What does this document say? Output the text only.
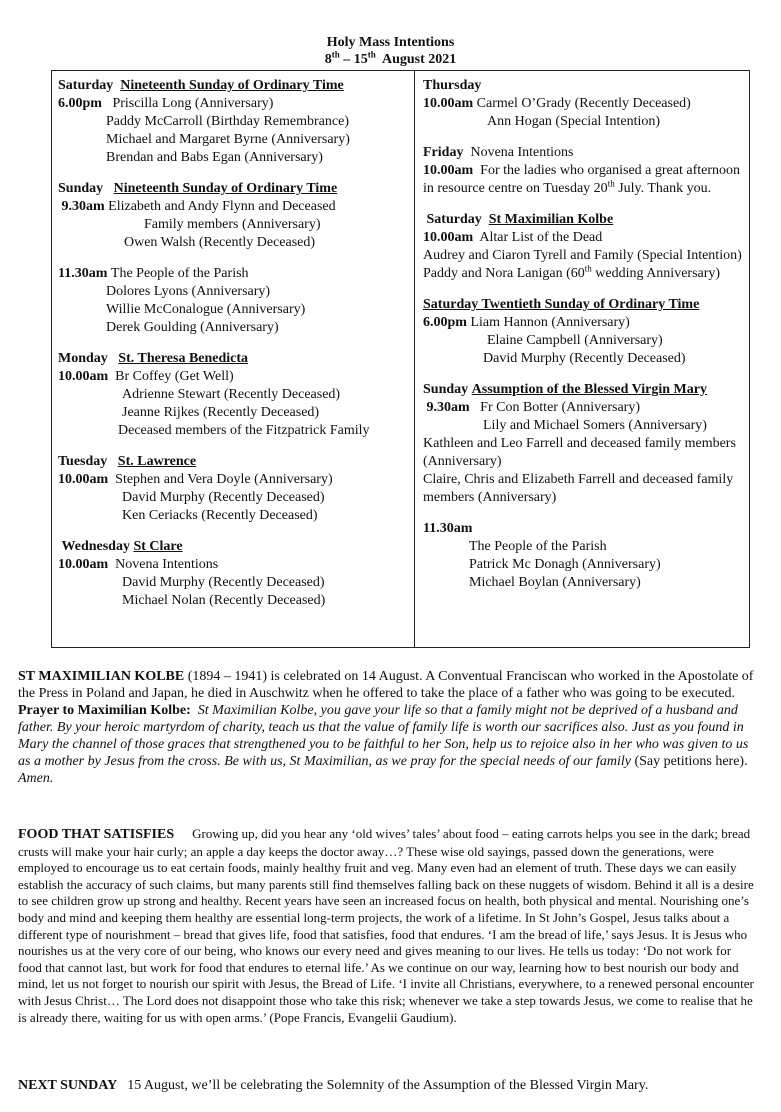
Holy Mass Intentions
8th – 15th  August 2021
Saturday Nineteenth Sunday of Ordinary Time
6.00pm Priscilla Long (Anniversary)
Paddy McCarroll (Birthday Remembrance)
Michael and Margaret Byrne (Anniversary)
Brendan and Babs Egan (Anniversary)
Sunday Nineteenth Sunday of Ordinary Time
9.30am Elizabeth and Andy Flynn and Deceased
Family members (Anniversary)
Owen Walsh (Recently Deceased)
11.30am The People of the Parish
Dolores Lyons (Anniversary)
Willie McConalogue (Anniversary)
Derek Goulding (Anniversary)
Monday St. Theresa Benedicta
10.00am Br Coffey (Get Well)
Adrienne Stewart (Recently Deceased)
Jeanne Rijkes (Recently Deceased)
Deceased members of the Fitzpatrick Family
Tuesday St. Lawrence
10.00am Stephen and Vera Doyle (Anniversary)
David Murphy (Recently Deceased)
Ken Ceriacks (Recently Deceased)
Wednesday St Clare
10.00am Novena Intentions
David Murphy (Recently Deceased)
Michael Nolan (Recently Deceased)
Thursday
10.00am Carmel O’Grady (Recently Deceased)
Ann Hogan (Special Intention)
Friday Novena Intentions
10.00am For the ladies who organised a great afternoon in resource centre on Tuesday 20th July. Thank you.
Saturday St Maximilian Kolbe
10.00am Altar List of the Dead
Audrey and Ciaron Tyrell and Family (Special Intention)
Paddy and Nora Lanigan (60th wedding Anniversary)
Saturday Twentieth Sunday of Ordinary Time
6.00pm Liam Hannon (Anniversary)
Elaine Campbell (Anniversary)
David Murphy (Recently Deceased)
Sunday Assumption of the Blessed Virgin Mary
9.30am Fr Con Botter (Anniversary)
Lily and Michael Somers (Anniversary)
Kathleen and Leo Farrell and deceased family members (Anniversary)
Claire, Chris and Elizabeth Farrell and deceased family members (Anniversary)
11.30am
The People of the Parish
Patrick Mc Donagh (Anniversary)
Michael Boylan (Anniversary)

ST MAXIMILIAN KOLBE (1894 – 1941) is celebrated on 14 August. A Conventual Franciscan who worked in the Apostolate of the Press in Poland and Japan, he died in Auschwitz when he offered to take the place of a father who was going to be executed.

Prayer to Maximilian Kolbe: St Maximilian Kolbe, you gave your life so that a family might not be deprived of a husband and father. By your heroic martyrdom of charity, teach us that the value of family life is worth our sacrifices also. Just as you found in Mary the channel of those graces that strengthened you to be faithful to her Son, help us to rejoice also in her who was given to us as a mother by Jesus from the cross. Be with us, St Maximilian, as we pray for the special needs of our family (Say petitions here).  Amen.

FOOD THAT SATISFIES Growing up, did you hear any ‘old wives’ tales’ about food – eating carrots helps you see in the dark; bread crusts will make your hair curly; an apple a day keeps the doctor away…? These wise old sayings, passed down the generations, were employed to encourage us to eat certain foods, mainly healthy fruit and veg. Many even had an element of truth. These days we can easily establish the accuracy of such claims, but many parents still find themselves falling back on these nuggets of wisdom. Behind it all is a desire to see children grow up strong and healthy. Recent years have seen an increased focus on health, both physical and mental. Nourishing one’s body and mind and keeping them healthy are essential long-term projects, the work of a lifetime. In St John’s Gospel, Jesus talks about a different type of nourishment – bread that gives life, food that satisfies, food that endures. ‘I am the bread of life,’ says Jesus. It is Jesus who nourishes us at the very core of our being, who knows our every need and gives meaning to our lives. He tells us today: ‘Do not work for food that cannot last, but work for food that endures to eternal life.’ As we continue on our way, learning how to best nourish our body and mind, let us not forget to nourish our spirit with Jesus, the Bread of Life. ‘I invite all Christians, everywhere, to a renewed personal encounter with Jesus Christ… The Lord does not disappoint those who take this risk; whenever we take a step towards Jesus, we come to realise that he is already there, waiting for us with open arms.’ (Pope Francis, Evangelii Gaudium).

NEXT SUNDAY 15 August, we’ll be celebrating the Solemnity of the Assumption of the Blessed Virgin Mary.
